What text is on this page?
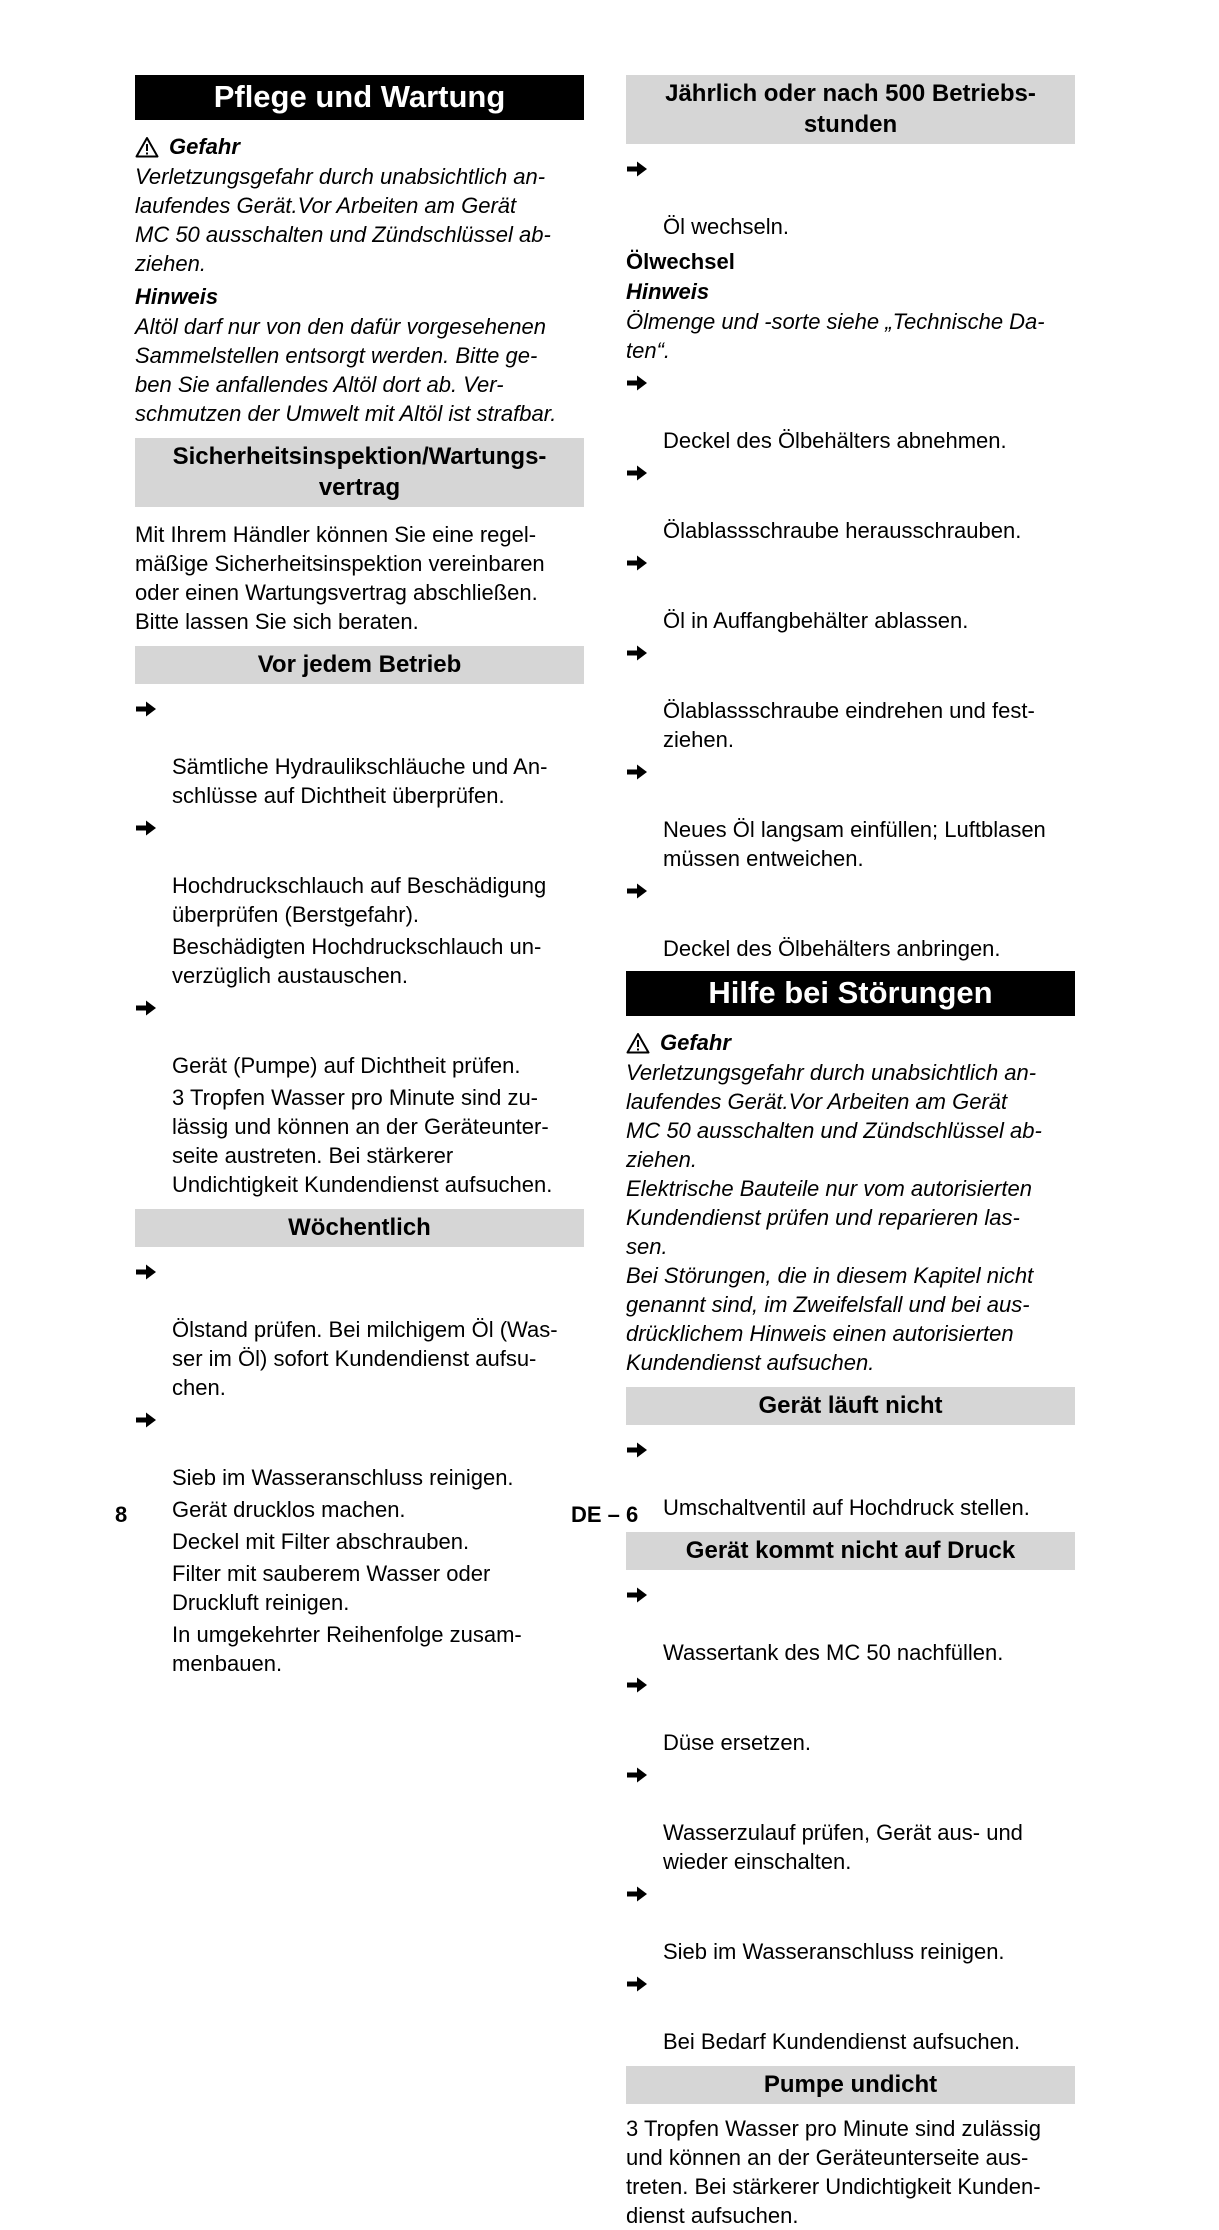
Pflege und Wartung
Gefahr
Verletzungsgefahr durch unabsichtlich an-
laufendes Gerät.Vor Arbeiten am Gerät
MC 50 ausschalten und Zündschlüssel ab-
ziehen.
Hinweis
Altöl darf nur von den dafür vorgesehenen
Sammelstellen entsorgt werden. Bitte ge-
ben Sie anfallendes Altöl dort ab. Ver-
schmutzen der Umwelt mit Altöl ist strafbar.
Sicherheitsinspektion/Wartungs-
vertrag
Mit Ihrem Händler können Sie eine regel-
mäßige Sicherheitsinspektion vereinbaren
oder einen Wartungsvertrag abschließen.
Bitte lassen Sie sich beraten.
Vor jedem Betrieb

Sämtliche Hydraulikschläuche und An-
schlüsse auf Dichtheit überprüfen.

Hochdruckschlauch auf Beschädigung
überprüfen (Berstgefahr).

Beschädigten Hochdruckschlauch un-
verzüglich austauschen.

Gerät (Pumpe) auf Dichtheit prüfen.

3 Tropfen Wasser pro Minute sind zu-
lässig und können an der Geräteunter-
seite austreten. Bei stärkerer
Undichtigkeit Kundendienst aufsuchen.
Wöchentlich

Ölstand prüfen. Bei milchigem Öl (Was-
ser im Öl) sofort Kundendienst aufsu-
chen.

Sieb im Wasseranschluss reinigen.

Gerät drucklos machen.
Deckel mit Filter abschrauben.
Filter mit sauberem Wasser oder
Druckluft reinigen.
In umgekehrter Reihenfolge zusam-
menbauen.
Jährlich oder nach 500 Betriebs-
stunden

Öl wechseln.

Ölwechsel
Hinweis
Ölmenge und -sorte siehe „Technische Da-
ten“.

Deckel des Ölbehälters abnehmen.

Ölablassschraube herausschrauben.

Öl in Auffangbehälter ablassen.

Ölablassschraube eindrehen und fest-
ziehen.

Neues Öl langsam einfüllen; Luftblasen
müssen entweichen.

Deckel des Ölbehälters anbringen.

Hilfe bei Störungen
Gefahr
Verletzungsgefahr durch unabsichtlich an-
laufendes Gerät.Vor Arbeiten am Gerät
MC 50 ausschalten und Zündschlüssel ab-
ziehen.
Elektrische Bauteile nur vom autorisierten
Kundendienst prüfen und reparieren las-
sen.
Bei Störungen, die in diesem Kapitel nicht
genannt sind, im Zweifelsfall und bei aus-
drücklichem Hinweis einen autorisierten
Kundendienst aufsuchen.
Gerät läuft nicht

Umschaltventil auf Hochdruck stellen.

Gerät kommt nicht auf Druck

Wassertank des MC 50 nachfüllen.

Düse ersetzen.

Wasserzulauf prüfen, Gerät aus- und
wieder einschalten.

Sieb im Wasseranschluss reinigen.

Bei Bedarf Kundendienst aufsuchen.

Pumpe undicht
3 Tropfen Wasser pro Minute sind zulässig
und können an der Geräteunterseite aus-
treten. Bei stärkerer Undichtigkeit Kunden-
dienst aufsuchen.
8	DE – 6
